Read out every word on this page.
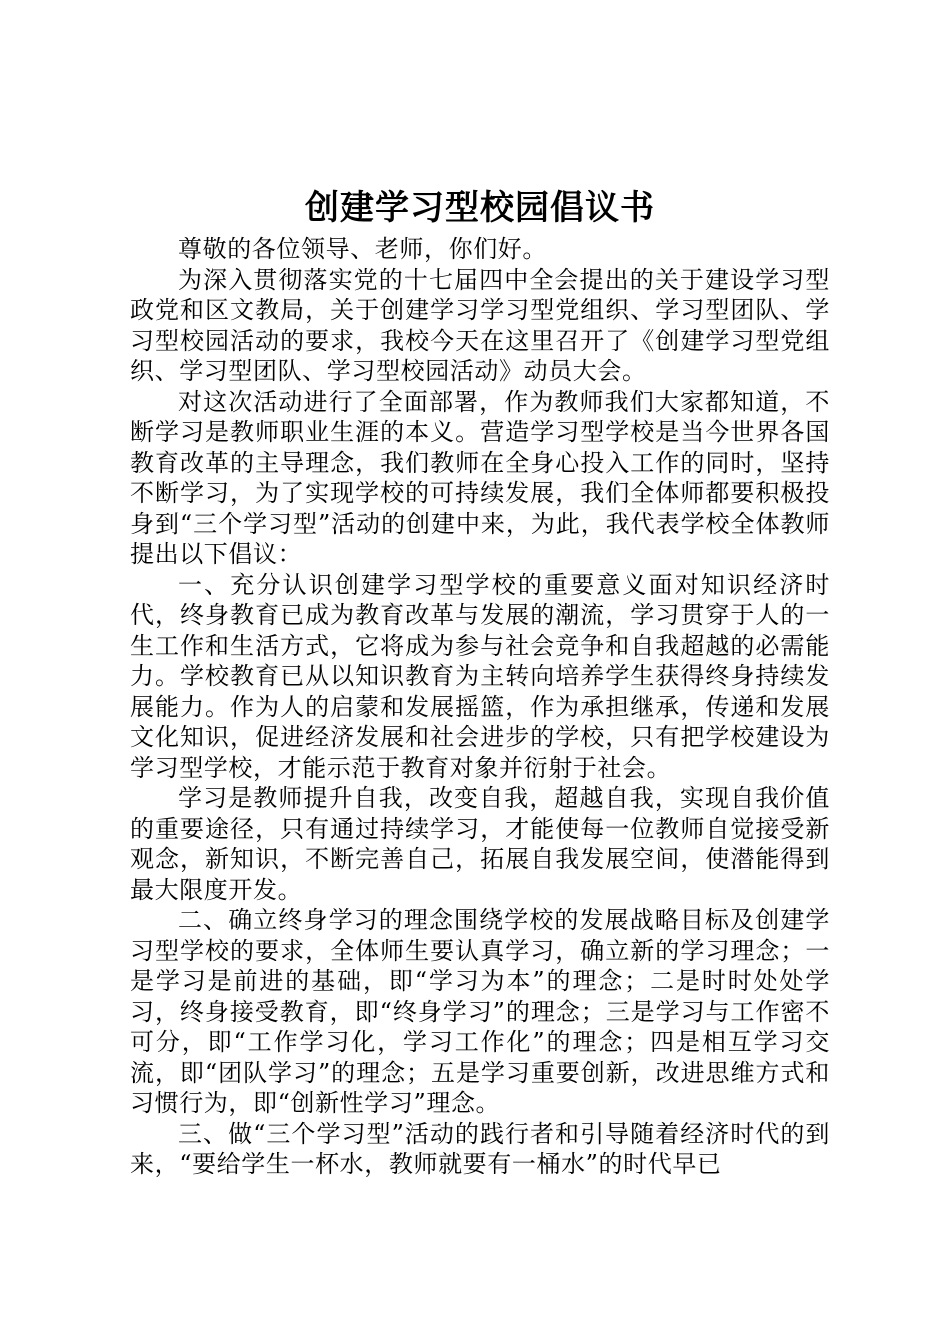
创建学习型校园倡议书

尊敬的各位领导、老师，你们好。

为深入贯彻落实党的十七届四中全会提出的关于建设学习型政党和区文教局，关于创建学习学习型党组织、学习型团队、学习型校园活动的要求，我校今天在这里召开了《创建学习型党组织、学习型团队、学习型校园活动》动员大会。

对这次活动进行了全面部署，作为教师我们大家都知道，不断学习是教师职业生涯的本义。营造学习型学校是当今世界各国教育改革的主导理念，我们教师在全身心投入工作的同时，坚持不断学习，为了实现学校的可持续发展，我们全体师都要积极投身到“三个学习型”活动的创建中来，为此，我代表学校全体教师提出以下倡议：

一、充分认识创建学习型学校的重要意义面对知识经济时代，终身教育已成为教育改革与发展的潮流，学习贯穿于人的一生工作和生活方式，它将成为参与社会竞争和自我超越的必需能力。学校教育已从以知识教育为主转向培养学生获得终身持续发展能力。作为人的启蒙和发展摇篮，作为承担继承，传递和发展文化知识，促进经济发展和社会进步的学校，只有把学校建设为学习型学校，才能示范于教育对象并衍射于社会。

学习是教师提升自我，改变自我，超越自我，实现自我价值的重要途径，只有通过持续学习，才能使每一位教师自觉接受新观念，新知识，不断完善自己，拓展自我发展空间，使潜能得到最大限度开发。

二、确立终身学习的理念围绕学校的发展战略目标及创建学习型学校的要求，全体师生要认真学习，确立新的学习理念；一是学习是前进的基础，即“学习为本”的理念；二是时时处处学习，终身接受教育，即“终身学习”的理念；三是学习与工作密不可分，即“工作学习化，学习工作化”的理念；四是相互学习交流，即“团队学习”的理念；五是学习重要创新，改进思维方式和习惯行为，即“创新性学习”理念。

三、做“三个学习型”活动的践行者和引导随着经济时代的到来，“要给学生一杯水，教师就要有一桶水”的时代早已
